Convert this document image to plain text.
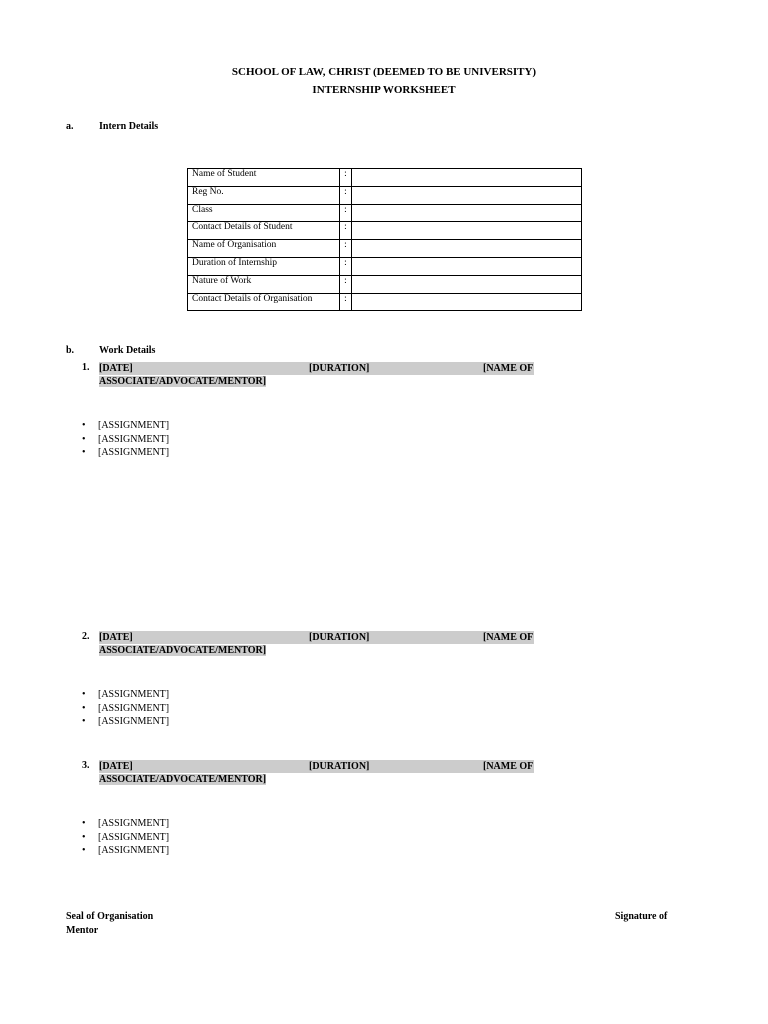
SCHOOL OF LAW, CHRIST (DEEMED TO BE UNIVERSITY)
INTERNSHIP WORKSHEET
a.	Intern Details
Name of Student	:	
Reg No.	:	
Class	:	
Contact Details of Student	:	
Name of Organisation	:	
Duration of Internship	:	
Nature of Work	:	
Contact Details of Organisation	:	
b. Work Details
1. [DATE]	[DURATION]	[NAME OF
ASSOCIATE/ADVOCATE/MENTOR]
• [ASSIGNMENT]
• [ASSIGNMENT]
• [ASSIGNMENT]
2. [DATE]	[DURATION]	[NAME OF
ASSOCIATE/ADVOCATE/MENTOR]
• [ASSIGNMENT]
• [ASSIGNMENT]
• [ASSIGNMENT]
3. [DATE]	[DURATION]	[NAME OF
ASSOCIATE/ADVOCATE/MENTOR]
• [ASSIGNMENT]
• [ASSIGNMENT]
• [ASSIGNMENT]
Seal of Organisation	Signature of
Mentor
